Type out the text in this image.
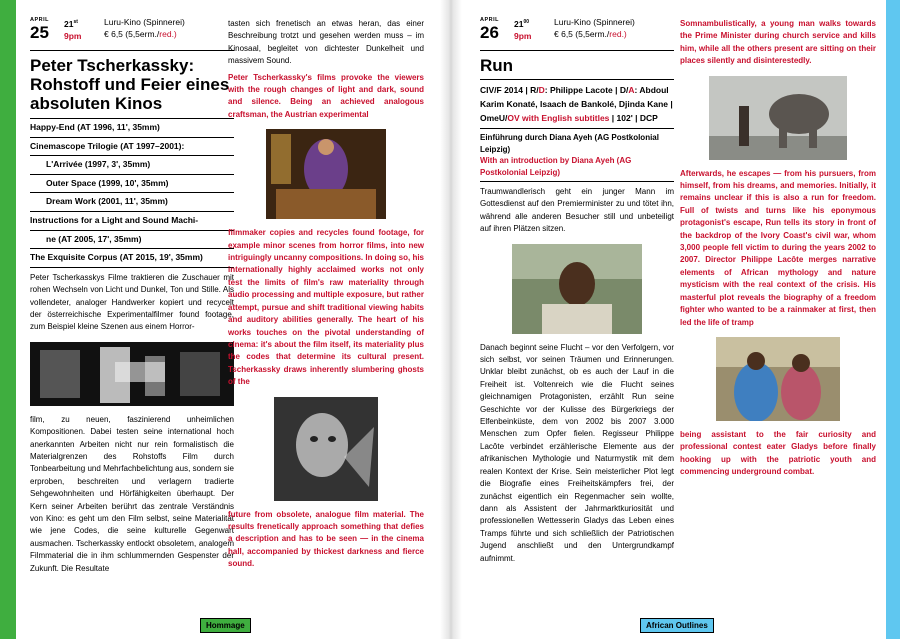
APRIL
25	21st
9pm
Luru-Kino (Spinnerei)
€ 6,5 (5,5erm./red.)
Peter Tscherkassky: Rohstoff und Feier eines absoluten Kinos
Happy-End (AT 1996, 11', 35mm)
Cinemascope Trilogie (AT 1997–2001):
L'Arrivée (1997, 3', 35mm)
Outer Space (1999, 10', 35mm)
Dream Work (2001, 11', 35mm)
Instructions for a Light and Sound Machi-
ne (AT 2005, 17', 35mm)
The Exquisite Corpus (AT 2015, 19', 35mm)
Peter Tscherkasskys Filme traktieren die Zuschauer mit rohen Wechseln von Licht und Dunkel, Ton und Stille. Als vollendeter, analoger Handwerker kopiert und recycelt der österreichische Experimentalfilmer found footage, zum Beispiel kleine Szenen aus einem Horror-
film, zu neuen, faszinierend unheimlichen Kompositionen. Dabei testen seine international hoch anerkannten Arbeiten nicht nur rein formalistisch die Materialgrenzen des Rohstoffs Film durch Tonbearbeitung und Mehrfachbelichtung aus, sondern sie erproben, beschreiten und verlagern tradierte Sehgewohnheiten und Hörfähigkeiten überhaupt. Der Kern seiner Arbeiten berührt das zentrale Verständnis von Kino: es geht um den Film selbst, seine Materialität wie jene Codes, die seine kulturelle Gegenwart ausmachen. Tscherkassky entlockt obsoletem, analogem Filmmaterial die in ihm schlummernden Gespenster der Zukunft. Die Resultate
tasten sich frenetisch an etwas heran, das einer Beschreibung trotzt und gesehen werden muss – im Kinosaal, begleitet von dichtester Dunkelheit und massivem Sound.
Peter Tscherkassky's films provoke the viewers with the rough changes of light and dark, sound and silence. Being an achieved analogous craftsman, the Austrian experimental
filmmaker copies and recycles found footage, for example minor scenes from horror films, into new intriguingly uncanny compositions. In doing so, his internationally highly acclaimed works not only test the limits of film's raw materiality through audio processing and multiple exposure, but rather attempt, pursue and shift traditional viewing habits and auditory abilities generally. The heart of his works touches on the pivotal understanding of cinema: it's about the film itself, its materiality plus the codes that determine its cultural present. Tscherkassky draws inherently slumbering ghosts of the
future from obsolete, analogue film material. The results frenetically approach something that defies a description and has to be seen — in the cinema hall, accompanied by thickest darkness and fierce sound.
Hommage
APRIL
26	$21^{00}$
9pm
Luru-Kino (Spinnerei)
€ 6,5 (5,5erm./red.)
Run
CIV/F 2014 | R/D: Philippe Lacote | D/A: Abdoul Karim Konaté, Isaach de Bankolé, Djinda Kane | OmeU/OV with English subtitles | 102' | DCP
Einführung durch Diana Ayeh (AG Postkolonial Leipzig)
With an introduction by Diana Ayeh (AG Postkolonial Leipzig)
Traumwandlerisch geht ein junger Mann im Gottesdienst auf den Premierminister zu und tötet ihn, während alle anderen Besucher still und unbeteiligt auf ihren Plätzen sitzen.
Danach beginnt seine Flucht – vor den Verfolgern, vor sich selbst, vor seinen Träumen und Erinnerungen. Unklar bleibt zunächst, ob es auch der Lauf in die Freiheit ist. Voltenreich wie die Flucht seines gleichnamigen Protagonisten, erzählt Run seine Geschichte vor der Kulisse des Bürgerkriegs der Elfenbeinküste, dem von 2002 bis 2007 3.000 Menschen zum Opfer fielen. Regisseur Philippe Lacôte verbindet erzählerische Elemente aus der afrikanischen Mythologie und Naturmystik mit dem realen Kontext der Krise. Sein meisterlicher Plot legt die Biografie eines Freiheitskämpfers frei, der zunächst eigentlich ein Regenmacher sein wollte, dann als Assistent der Jahrmarktkuriosität und professionellen Wettesserin Gladys das Leben eines Tramps führte und sich schließlich der Patriotischen Jugend anschließt und den Untergrundkampf aufnimmt.
Somnambulistically, a young man walks towards the Prime Minister during church service and kills him, while all the others present are sitting on their places silently and disinterestedly.
Afterwards, he escapes — from his pursuers, from himself, from his dreams, and memories. Initially, it remains unclear if this is also a run for freedom. Full of twists and turns like his eponymous protagonist's escape, Run tells its story in front of the backdrop of the Ivory Coast's civil war, whom 3,000 people fell victim to during the years 2002 to 2007. Director Philippe Lacôte merges narrative elements of African mythology and nature mysticism with the real context of the crisis. His masterful plot reveals the biography of a freedom fighter who wanted to be a rainmaker at first, then led the life of tramp
being assistant to the fair curiosity and professional contest eater Gladys before finally hooking up with the patriotic youth and commencing underground combat.
African Outlines
